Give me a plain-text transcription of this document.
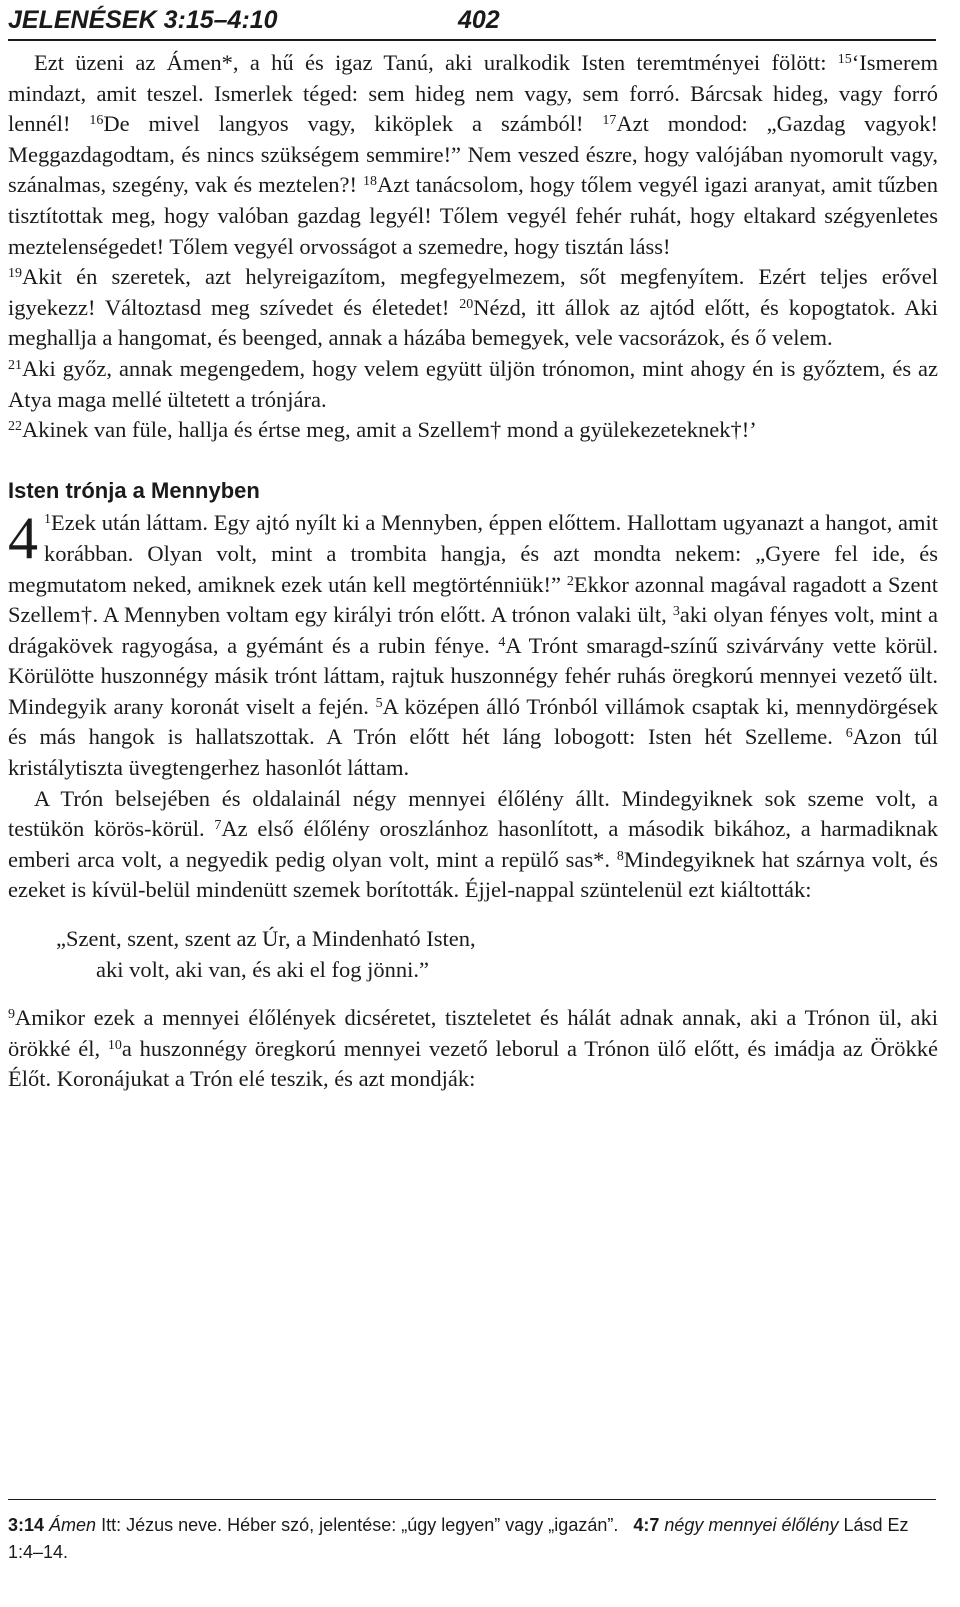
JELENÉSEK 3:15–4:10	402

Ezt üzeni az Ámen*, a hű és igaz Tanú, aki uralkodik Isten teremtményei fölött: $^{15}$‘Ismerem mindazt, amit teszel. Ismerlek téged: sem hideg nem vagy, sem forró. Bárcsak hideg, vagy forró lennél! $^{16}$De mivel langyos vagy, kiköplek a számból! $^{17}$Azt mondod: „Gazdag vagyok! Meggazdagodtam, és nincs szükségem semmire!” Nem veszed észre, hogy valójában nyomorult vagy, szánalmas, szegény, vak és meztelen?! $^{18}$Azt tanácsolom, hogy tőlem vegyél igazi aranyat, amit tűzben tisztítottak meg, hogy valóban gazdag legyél! Tőlem vegyél fehér ruhát, hogy eltakard szégyenletes meztelenségedet! Tőlem vegyél orvosságot a szemedre, hogy tisztán láss!

$^{19}$Akit én szeretek, azt helyreigazítom, megfegyelmezem, sőt megfenyítem. Ezért teljes erővel igyekezz! Változtasd meg szívedet és életedet! $^{20}$Nézd, itt állok az ajtód előtt, és kopogtatok. Aki meghallja a hangomat, és beenged, annak a házába bemegyek, vele vacsorázok, és ő velem.

$^{21}$Aki győz, annak megengedem, hogy velem együtt üljön trónomon, mint ahogy én is győztem, és az Atya maga mellé ültetett a trónjára.

$^{22}$Akinek van füle, hallja és értse meg, amit a Szellem† mond a gyülekezeteknek†!’

Isten trónja a Mennyben

4 $^1$Ezek után láttam. Egy ajtó nyílt ki a Mennyben, éppen előttem. Hallottam ugyanazt a hangot, amit korábban. Olyan volt, mint a trombita hangja, és azt mondta nekem: „Gyere fel ide, és megmutatom neked, amiknek ezek után kell megtörténniük!” $^2$Ekkor azonnal magával ragadott a Szent Szellem†. A Mennyben voltam egy királyi trón előtt. A trónon valaki ült, $^3$aki olyan fényes volt, mint a drágakövek ragyogása, a gyémánt és a rubin fénye. $^4$A Trónt smaragd-színű szivárvány vette körül. Körülötte huszonnégy másik trónt láttam, rajtuk huszonnégy fehér ruhás öregkorú mennyei vezető ült. Mindegyik arany koronát viselt a fején. $^5$A középen álló Trónból villámok csaptak ki, mennydörgések és más hangok is hallatszottak. A Trón előtt hét láng lobogott: Isten hét Szelleme. $^6$Azon túl kristálytiszta üvegtengerhez hasonlót láttam.

A Trón belsejében és oldalainál négy mennyei élőlény állt. Mindegyiknek sok szeme volt, a testükön körös-körül. $^7$Az első élőlény oroszlánhoz hasonlított, a második bikához, a harmadiknak emberi arca volt, a negyedik pedig olyan volt, mint a repülő sas*. $^8$Mindegyiknek hat szárnya volt, és ezeket is kívül-belül mindenütt szemek borították. Éjjel-nappal szüntelenül ezt kiáltották:

„Szent, szent, szent az Úr, a Mindenható Isten,
aki volt, aki van, és aki el fog jönni.”

$^9$Amikor ezek a mennyei élőlények dicséretet, tiszteletet és hálát adnak annak, aki a Trónon ül, aki örökké él, $^{10}$a huszonnégy öregkorú mennyei vezető leborul a Trónon ülő előtt, és imádja az Örökké Élőt. Koronájukat a Trón elé teszik, és azt mondják:

3:14 Ámen Itt: Jézus neve. Héber szó, jelentése: „úgy legyen” vagy „igazán”. 4:7 négy mennyei élőlény Lásd Ez 1:4–14.
